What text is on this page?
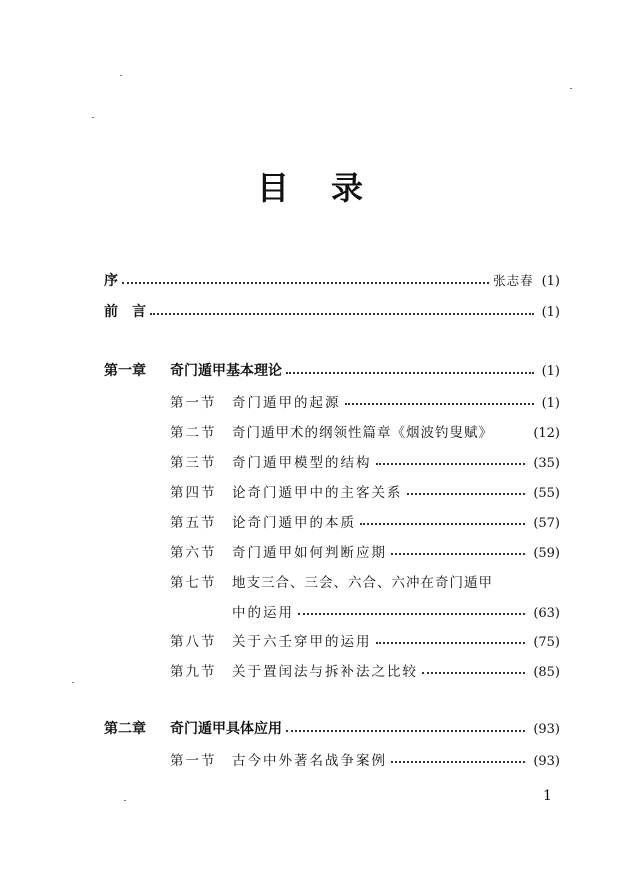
目 录
序	张志春 (1)
前　言	(1)
第一章	奇门遁甲基本理论	(1)
第一节	奇门遁甲的起源	(1)
第二节	奇门遁甲术的纲领性篇章《烟波钓叟赋》	(12)
第三节	奇门遁甲模型的结构	(35)
第四节	论奇门遁甲中的主客关系	(55)
第五节	论奇门遁甲的本质	(57)
第六节	奇门遁甲如何判断应期	(59)
第七节	地支三合、三会、六合、六冲在奇门遁甲
中的运用	(63)
第八节	关于六壬穿甲的运用	(75)
第九节	关于置闰法与拆补法之比较	(85)
第二章	奇门遁甲具体应用	(93)
第一节	古今中外著名战争案例	(93)
1
